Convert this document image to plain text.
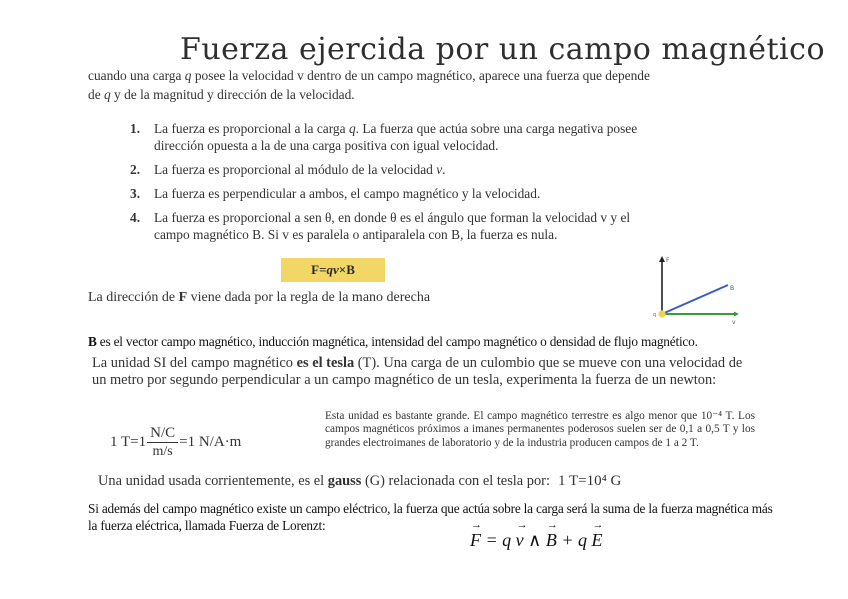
Fuerza ejercida por un campo magnético
cuando una carga q posee la velocidad v dentro de un campo magnético, aparece una fuerza que depende
de q y de la magnitud y dirección de la velocidad.
1. La fuerza es proporcional a la carga q. La fuerza que actúa sobre una carga negativa posee dirección opuesta a la de una carga positiva con igual velocidad.
2. La fuerza es proporcional al módulo de la velocidad v.
3. La fuerza es perpendicular a ambos, el campo magnético y la velocidad.
4. La fuerza es proporcional a sen θ, en donde θ es el ángulo que forman la velocidad v y el campo magnético B. Si v es paralela o antiparalela con B, la fuerza es nula.
F = qv × B
La dirección de F viene dada por la regla de la mano derecha
F
B
v
q
B es el vector campo magnético, inducción magnética, intensidad del campo magnético o densidad de flujo magnético.
La unidad SI del campo magnético es el tesla (T). Una carga de un culombio que se mueve con una velocidad de un metro por segundo perpendicular a un campo magnético de un tesla, experimenta la fuerza de un newton:
1 $T=1 \frac{N/C}{m/s} =1$ N/A·m
Esta unidad es bastante grande. El campo magnético terrestre es algo menor que 10⁻⁴ T. Los campos magnéticos próximos a imanes permanentes poderosos suelen ser de 0,1 a 0,5 T y los grandes electroimanes de laboratorio y de la industria producen campos de 1 a 2 T.
Una unidad usada corrientemente, es el gauss (G) relacionada con el tesla por: 1 T=10⁴ G
Si además del campo magnético existe un campo eléctrico, la fuerza que actúa sobre la carga será la suma de la fuerza magnética más la fuerza eléctrica, llamada Fuerza de Lorenzt:
→ F = q → v ∧ → B + q → E
